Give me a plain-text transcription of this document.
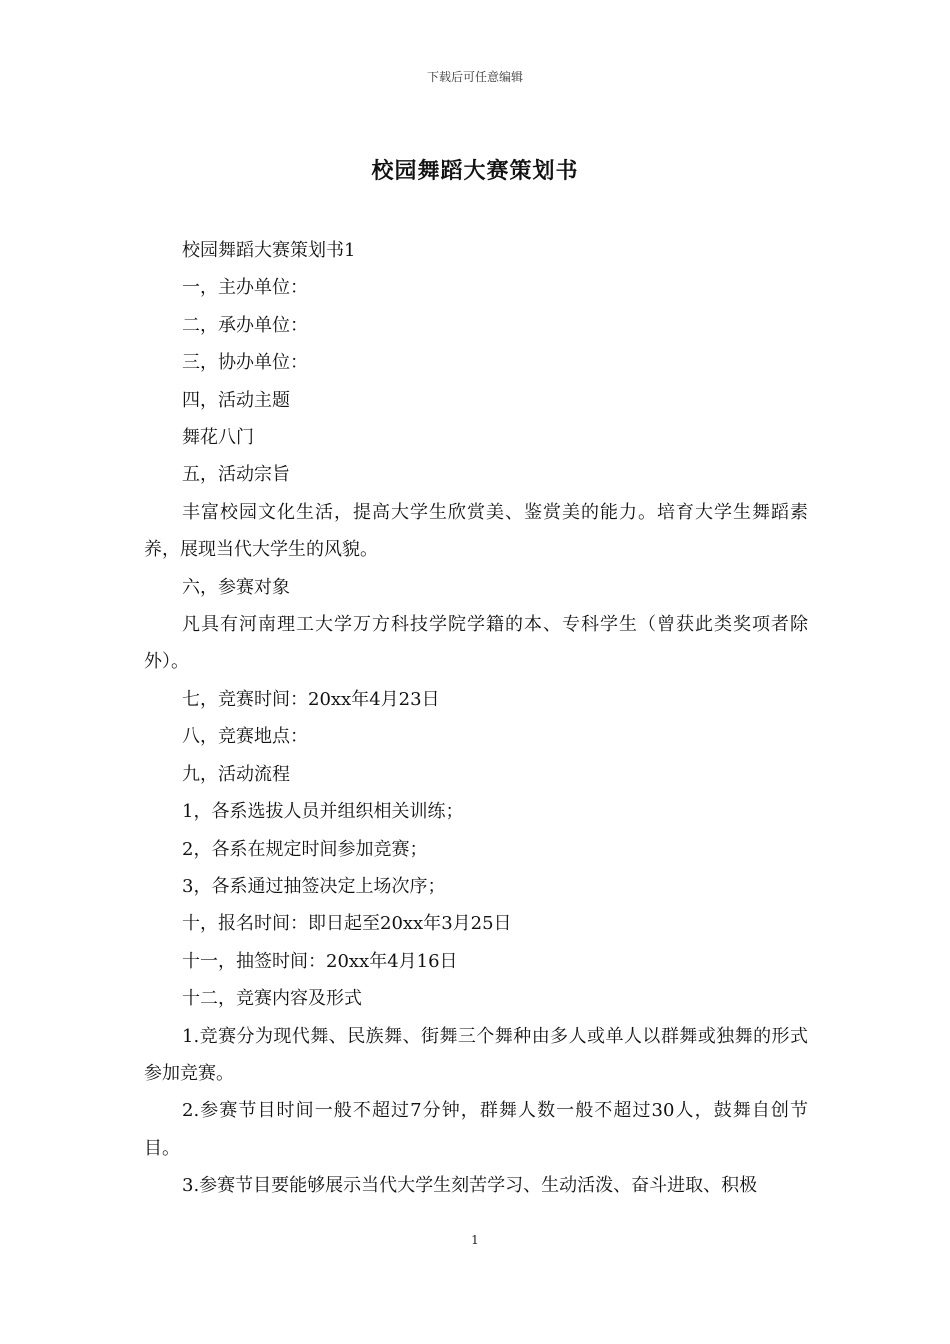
下载后可任意编辑
校园舞蹈大赛策划书

校园舞蹈大赛策划书1

一，主办单位：

二，承办单位：

三，协办单位：

四，活动主题

舞花八门

五，活动宗旨

丰富校园文化生活，提高大学生欣赏美、鉴赏美的能力。培育大学生舞蹈素养，展现当代大学生的风貌。

六，参赛对象

凡具有河南理工大学万方科技学院学籍的本、专科学生（曾获此类奖项者除外）。

七，竞赛时间：20xx年4月23日

八，竞赛地点：

九，活动流程

1，各系选拔人员并组织相关训练；

2，各系在规定时间参加竞赛；

3，各系通过抽签决定上场次序；

十，报名时间：即日起至20xx年3月25日

十一，抽签时间：20xx年4月16日

十二，竞赛内容及形式

1.竞赛分为现代舞、民族舞、街舞三个舞种由多人或单人以群舞或独舞的形式参加竞赛。

2.参赛节目时间一般不超过7分钟，群舞人数一般不超过30人，鼓舞自创节目。

3.参赛节目要能够展示当代大学生刻苦学习、生动活泼、奋斗进取、积极

1
